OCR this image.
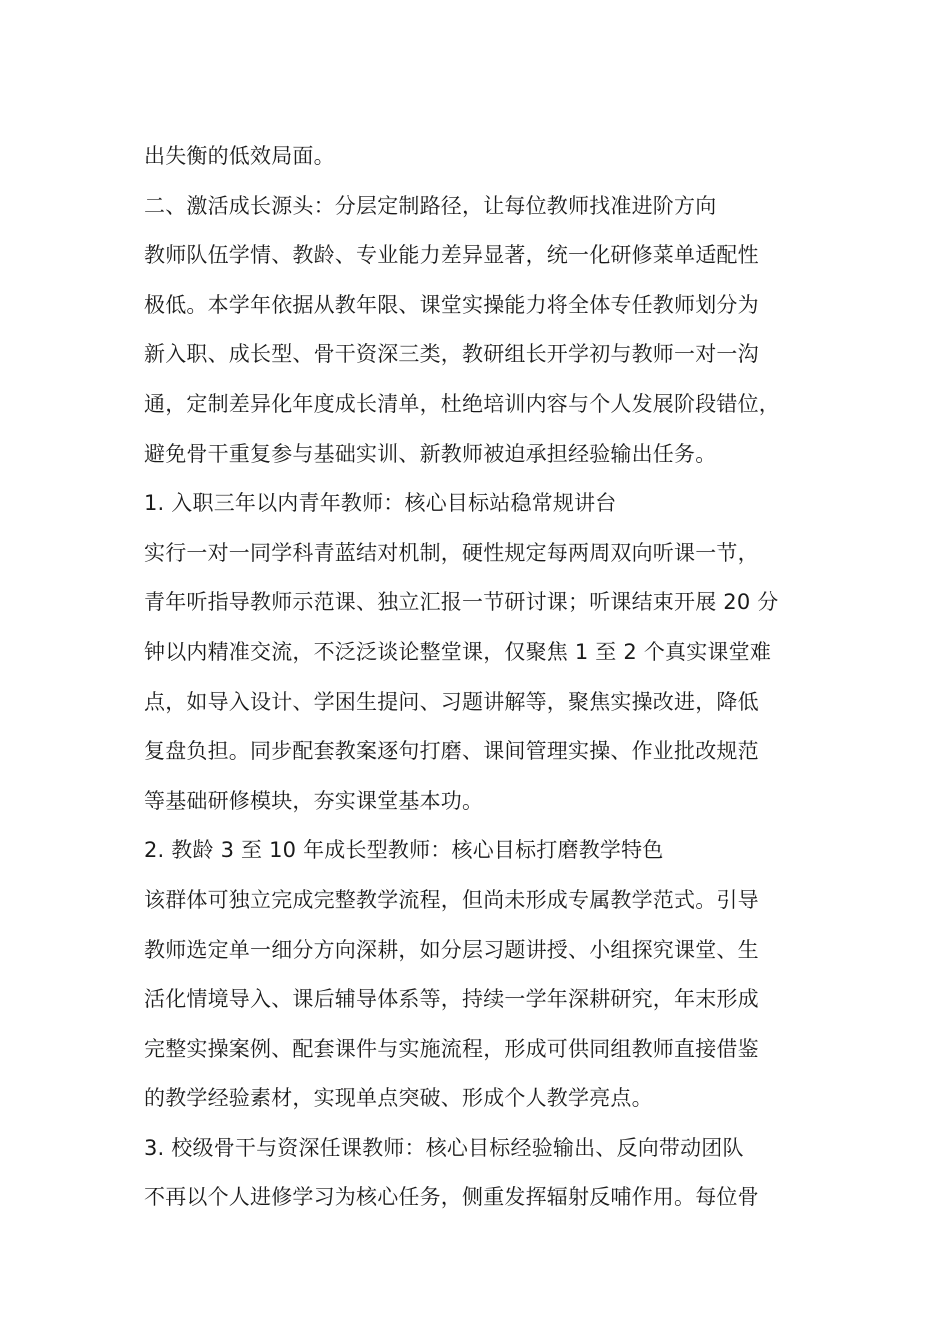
出失衡的低效局面。
二、激活成长源头：分层定制路径，让每位教师找准进阶方向
教师队伍学情、教龄、专业能力差异显著，统一化研修菜单适配性
极低。本学年依据从教年限、课堂实操能力将全体专任教师划分为
新入职、成长型、骨干资深三类，教研组长开学初与教师一对一沟
通，定制差异化年度成长清单，杜绝培训内容与个人发展阶段错位，
避免骨干重复参与基础实训、新教师被迫承担经验输出任务。
1. 入职三年以内青年教师：核心目标站稳常规讲台
实行一对一同学科青蓝结对机制，硬性规定每两周双向听课一节，
青年听指导教师示范课、独立汇报一节研讨课；听课结束开展 20 分
钟以内精准交流，不泛泛谈论整堂课，仅聚焦 1 至 2 个真实课堂难
点，如导入设计、学困生提问、习题讲解等，聚焦实操改进，降低
复盘负担。同步配套教案逐句打磨、课间管理实操、作业批改规范
等基础研修模块，夯实课堂基本功。
2. 教龄 3 至 10 年成长型教师：核心目标打磨教学特色
该群体可独立完成完整教学流程，但尚未形成专属教学范式。引导
教师选定单一细分方向深耕，如分层习题讲授、小组探究课堂、生
活化情境导入、课后辅导体系等，持续一学年深耕研究，年末形成
完整实操案例、配套课件与实施流程，形成可供同组教师直接借鉴
的教学经验素材，实现单点突破、形成个人教学亮点。
3. 校级骨干与资深任课教师：核心目标经验输出、反向带动团队
不再以个人进修学习为核心任务，侧重发挥辐射反哺作用。每位骨
